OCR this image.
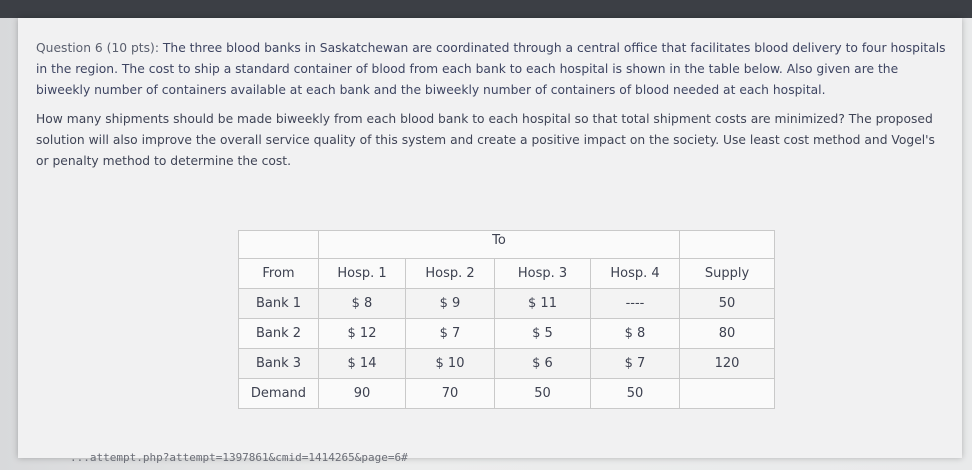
Question 6 (10 pts): The three blood banks in Saskatchewan are coordinated through a central office that facilitates blood delivery to four hospitals in the region. The cost to ship a standard container of blood from each bank to each hospital is shown in the table below. Also given are the biweekly number of containers available at each bank and the biweekly number of containers of blood needed at each hospital.

How many shipments should be made biweekly from each blood bank to each hospital so that total shipment costs are minimized? The proposed solution will also improve the overall service quality of this system and create a positive impact on the society. Use least cost method and Vogel's or penalty method to determine the cost.

	To				
From	Hosp. 1	Hosp. 2	Hosp. 3	Hosp. 4	Supply
Bank 1	$ 8	$ 9	$ 11	----	50
Bank 2	$ 12	$ 7	$ 5	$ 8	80
Bank 3	$ 14	$ 10	$ 6	$ 7	120
Demand	90	70	50	50	
...attempt.php?attempt=1397861&cmid=1414265&page=6#
